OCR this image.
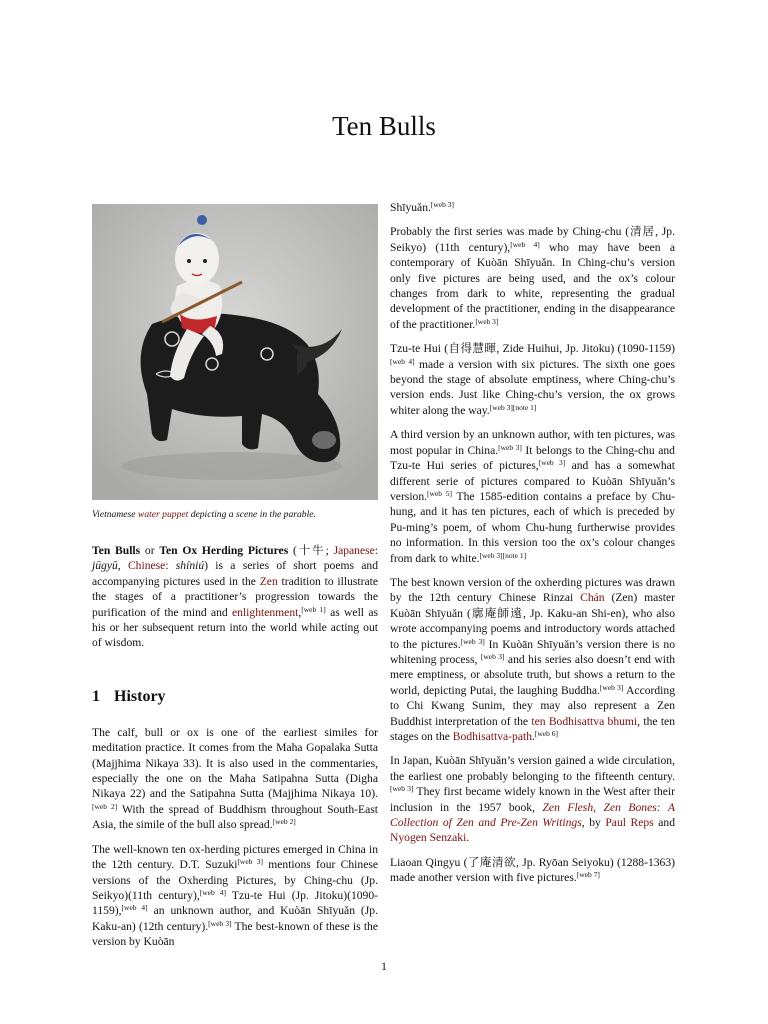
Ten Bulls
Vietnamese water puppet depicting a scene in the parable.

Ten Bulls or Ten Ox Herding Pictures (十牛; Japanese: jūgyū, Chinese: shíniú) is a series of short poems and accompanying pictures used in the Zen tradition to illustrate the stages of a practitioner’s progression towards the purification of the mind and enlightenment,[web 1] as well as his or her subsequent return into the world while acting out of wisdom.

1 History

The calf, bull or ox is one of the earliest similes for meditation practice. It comes from the Maha Gopalaka Sutta (Majjhima Nikaya 33). It is also used in the commentaries, especially the one on the Maha Satipahna Sutta (Digha Nikaya 22) and the Satipahna Sutta (Majjhima Nikaya 10).[web 2] With the spread of Buddhism throughout South-East Asia, the simile of the bull also spread.[web 2]

The well-known ten ox-herding pictures emerged in China in the 12th century. D.T. Suzuki[web 3] mentions four Chinese versions of the Oxherding Pictures, by Ching-chu (Jp. Seikyo)(11th century),[web 4] Tzu-te Hui (Jp. Jitoku)(1090-1159),[web 4] an unknown author, and Kuòān Shīyuǎn (Jp. Kaku-an) (12th century).[web 3] The best-known of these is the version by Kuòān

Shīyuǎn.[web 3]

Probably the first series was made by Ching-chu (清居, Jp. Seikyo) (11th century),[web 4] who may have been a contemporary of Kuòān Shīyuǎn. In Ching-chu’s version only five pictures are being used, and the ox’s colour changes from dark to white, representing the gradual development of the practitioner, ending in the disappearance of the practitioner.[web 3]

Tzu-te Hui (自得慧暉, Zide Huihui, Jp. Jitoku) (1090-1159)[web 4] made a version with six pictures. The sixth one goes beyond the stage of absolute emptiness, where Ching-chu’s version ends. Just like Ching-chu’s version, the ox grows whiter along the way.[web 3][note 1]

A third version by an unknown author, with ten pictures, was most popular in China.[web 3] It belongs to the Ching-chu and Tzu-te Hui series of pictures,[web 3] and has a somewhat different serie of pictures compared to Kuòān Shīyuǎn’s version.[web 5] The 1585-edition contains a preface by Chu-hung, and it has ten pictures, each of which is preceded by Pu-ming’s poem, of whom Chu-hung furtherwise provides no information. In this version too the ox’s colour changes from dark to white.[web 3][note 1]

The best known version of the oxherding pictures was drawn by the 12th century Chinese Rinzai Chán (Zen) master Kuòān Shīyuǎn (廓庵師遠, Jp. Kaku-an Shi-en), who also wrote accompanying poems and introductory words attached to the pictures.[web 3] In Kuòān Shīyuǎn’s version there is no whitening process, [web 3] and his series also doesn’t end with mere emptiness, or absolute truth, but shows a return to the world, depicting Putai, the laughing Buddha.[web 3] According to Chi Kwang Sunim, they may also represent a Zen Buddhist interpretation of the ten Bodhisattva bhumi, the ten stages on the Bodhisattva-path.[web 6]

In Japan, Kuòān Shīyuǎn’s version gained a wide circulation, the earliest one probably belonging to the fifteenth century.[web 3] They first became widely known in the West after their inclusion in the 1957 book, Zen Flesh, Zen Bones: A Collection of Zen and Pre-Zen Writings, by Paul Reps and Nyogen Senzaki.

Liaoan Qingyu (了庵清欲, Jp. Ryōan Seiyoku) (1288-1363) made another version with five pictures.[web 7]

1
